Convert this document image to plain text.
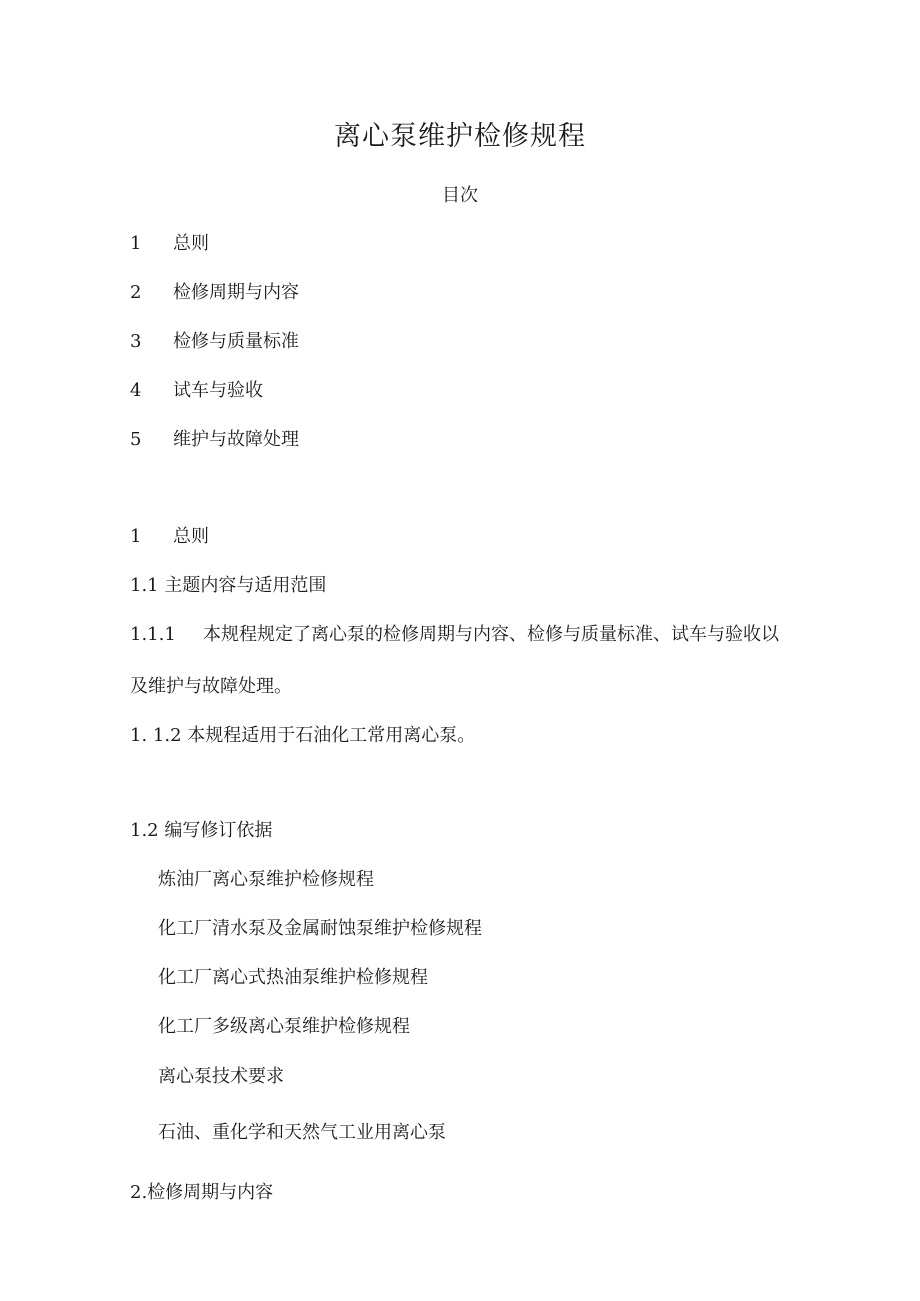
离心泵维护检修规程
目次
1 总则
2 检修周期与内容
3 检修与质量标准
4 试车与验收
5 维护与故障处理
1 总则
1.1 主题内容与适用范围
1.1.1 本规程规定了离心泵的检修周期与内容、检修与质量标准、试车与验收以
及维护与故障处理。
1. 1.2 本规程适用于石油化工常用离心泵。
1.2 编写修订依据
炼油厂离心泵维护检修规程
化工厂清水泵及金属耐蚀泵维护检修规程
化工厂离心式热油泵维护检修规程
化工厂多级离心泵维护检修规程
离心泵技术要求
石油、重化学和天然气工业用离心泵
2.检修周期与内容
